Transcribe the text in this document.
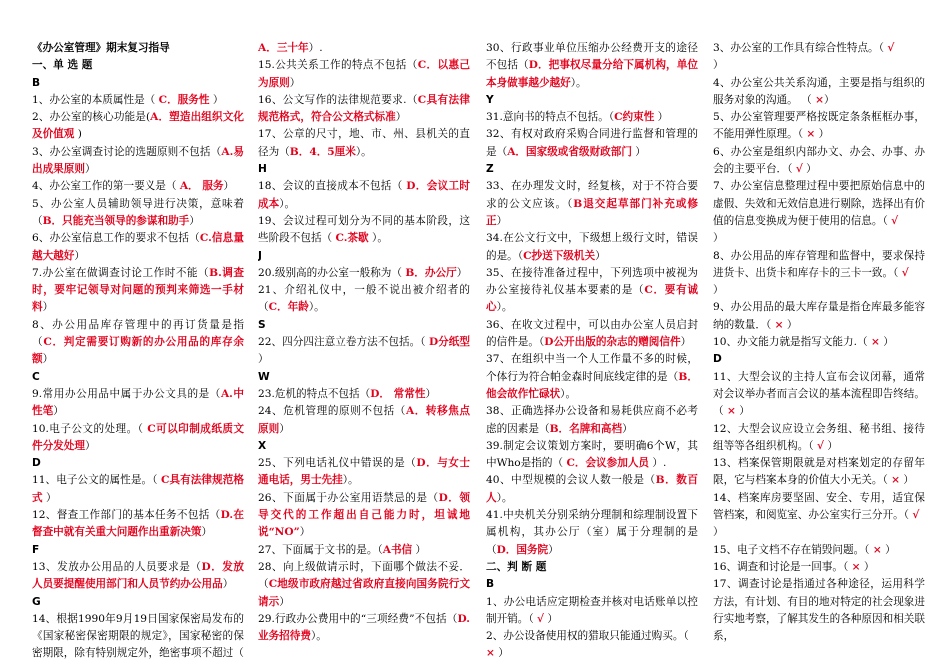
《办公室管理》期末复习指导

一、单 选 题

B

1、办公室的本质属性是（ C．服务性 ）

2、办公室的核心功能是(A．塑造出组织文化及价值观 )

3、办公室调查讨论的选题原则不包括（A.易出成果原则）

4、办公室工作的第一要义是（ A． 服务）

5、办公室人员辅助领导进行决策，意味着（B．只能充当领导的参谋和助手）

6、办公室信息工作的要求不包括（C.信息量越大越好）

7.办公室在做调查讨论工作时不能（B.调查时，要牢记领导对问题的预判来筛选一手材料）

8、办公用品库存管理中的再订货量是指（C．判定需要订购新的办公用品的库存余额）

C

9.常用办公用品中属于办公文具的是（A.中性笔）

10.电子公文的处理。（ C可以印制成纸质文件分发处理）

D

11、电子公文的属性是。（ C具有法律规范格式 ）

12、督查工作部门的基本任务不包括（D.在督查中就有关重大问题作出重新决策）

F

13、发放办公用品的人员要求是（D．发放人员要提醒使用部门和人员节约办公用品）

G

14、根据1990年9月19日国家保密局发布的《国家秘密保密期限的规定》，国家秘密的保密期限，除有特别规定外，绝密事项不超过（

A．三十年）.

15.公共关系工作的特点不包括（C．以惠己为原则）

16、公文写作的法律规范要求.（C具有法律规范格式，符合公文格式标准）

17、公章的尺寸，地、市、州、县机关的直径为（B．4．5厘米）。

H

18、会议的直接成本不包括（ D．会议工时成本）。

19、会议过程可划分为不同的基本阶段，这些阶段不包括（ C.茶歇 ）。

J

20.级别高的办公室一般称为（ B．办公厅）

21、介绍礼仪中，一般不说出被介绍者的（C．年龄）。

S

22、四分四注意立卷方法不包括。（ D分纸型 ）

W

23.危机的特点不包括（D． 常常性）

24、危机管理的原则不包括（A．转移焦点原则）

X

25、下列电话礼仪中错误的是（D．与女士通电话，男士先挂）。

26、下面属于办公室用语禁忌的是（D．领导交代的工作超出自己能力时，坦诚地说“NO”）

27、下面属于文书的是。（A书信 ）

28、向上级做请示时，下面哪个做法不妥．（C地级市政府越过省政府直接向国务院行文请示）

29.行政办公费用中的“三项经费”不包括（D.业务招待费）。

30、行政事业单位压缩办公经费开支的途径不包括（D．把事权尽量分给下属机构，单位本身做事越少越好）。

Y

31.意向书的特点不包括。（C约束性 ）

32、有权对政府采购合同进行监督和管理的是（A．国家级或省级财政部门 ）

Z

33、在办理发文时，经复核，对于不符合要求的公文应该。（B退交起草部门补充或修正）

34.在公文行文中，下级想上级行文时，错误的是。（C抄送下级机关）

35、在接待准备过程中，下列选项中被视为办公室接待礼仪基本要素的是（C．要有诚心）。

36、在收文过程中，可以由办公室人员启封的信件是。（D公开出版的杂志的赠阅信件）

37、在组织中当一个人工作量不多的时候，个体行为符合帕金森时间底线定律的是（B．他会故作忙碌状）。

38、正确选择办公设备和易耗供应商不必考虑的因素是（B．名牌和高档）

39.制定会议策划方案时，要明确6个W，其中Who是指的（ C．会议参加人员 ）.

40、中型规模的会议人数一般是（B．数百人）。

41.中央机关分别采纳分理制和综理制设置下属机构，其办公厅（室）属于分理制的是（D．国务院）

二、判 断 题

B

1、办公电话应定期检查并核对电话账单以控制开销。（ √ ）

2、办公设备使用权的猎取只能通过购买。（

× ）

3、办公室的工作具有综合性特点。（ √

）

4、办公室公共关系沟通，主要是指与组织的服务对象的沟通。 （ ×）

5、办公室管理要严格按既定条条框框办事，不能用弹性原理。（ × ）

6、办公室是组织内部办文、办会、办事、办会的主要平台．（ √ ）

7、办公室信息整理过程中要把原始信息中的虚假、失效和无效信息进行剔除，选择出有价值的信息变换成为便于使用的信息。（ √

）

8、办公用品的库存管理和监督中，要求保持进货卡、出货卡和库存卡的三卡一致。（ √

）

9、办公用品的最大库存量是指仓库最多能容纳的数量．（ × ）

10、办文能力就是指写文能力.（ × ）

D

11、大型会议的主持人宣布会议闭幕，通常对会议举办者而言会议的基本流程即告终结。（ × ）

12、大型会议应设立会务组、秘书组、接待组等等各组织机构。（ √ ）

13、档案保管期限就是对档案划定的存留年限，它与档案本身的价值大小无关。（ × ）

14、档案库房要坚固、安全、专用，适宜保管档案，和阅览室、办公室实行三分开。（ √

）

15、电子文档不存在销毁问题。（ × ）

16、调查和讨论是一回事。（ × ）

17、调查讨论是指通过各种途径，运用科学方法，有计划、有目的地对特定的社会现象进行实地考察，了解其发生的各种原因和相关联系，
